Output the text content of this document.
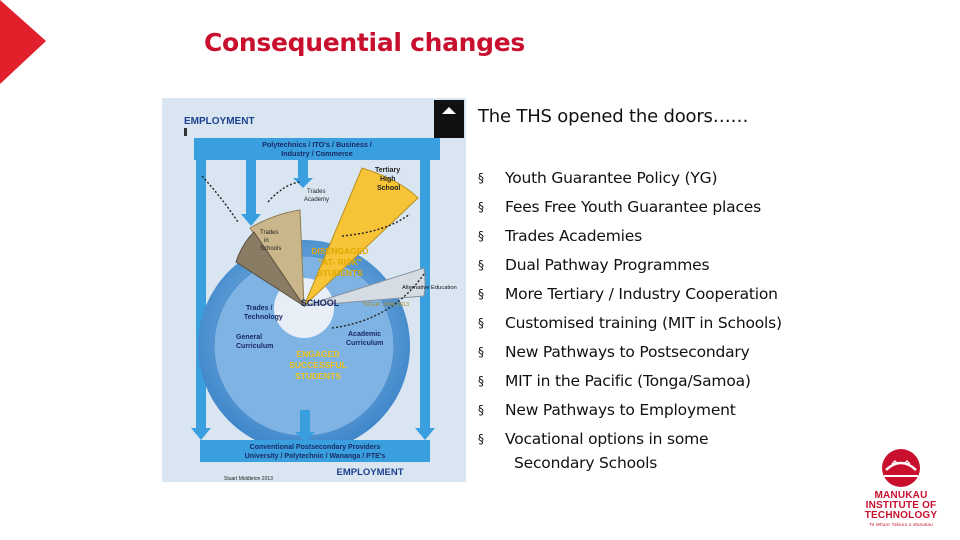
Consequential changes
EMPLOYMENT
Polytechnics / ITO's / Business /
Industry / Commerce
Tertiary
High
School
Trades
Academy
Trades
in
Schools	DISENGAGED
"AT- RISK"
STUDENTS
Alternative Education
SCHOOL	"NCEA" 2002-2013
Trades /
Technology
Academic
Curriculum
General
Curriculum
ENGAGED
SUCCESSFUL
STUDENTS
Conventional Postsecondary Providers
University / Polytechnic / Wananga / PTE's
Stuart Middleton 2013
EMPLOYMENT

The THS opened the doors……

§ Youth Guarantee Policy (YG)
§ Fees Free Youth Guarantee places
§ Trades Academies
§ Dual Pathway Programmes
§ More Tertiary / Industry Cooperation
§ Customised training (MIT in Schools)
§ New Pathways to Postsecondary
§ MIT in the Pacific (Tonga/Samoa)
§ New Pathways to Employment
§ Vocational options in some
Secondary Schools
MANUKAU
INSTITUTE OF
TECHNOLOGY
Te Whare Takiura o Manukau
